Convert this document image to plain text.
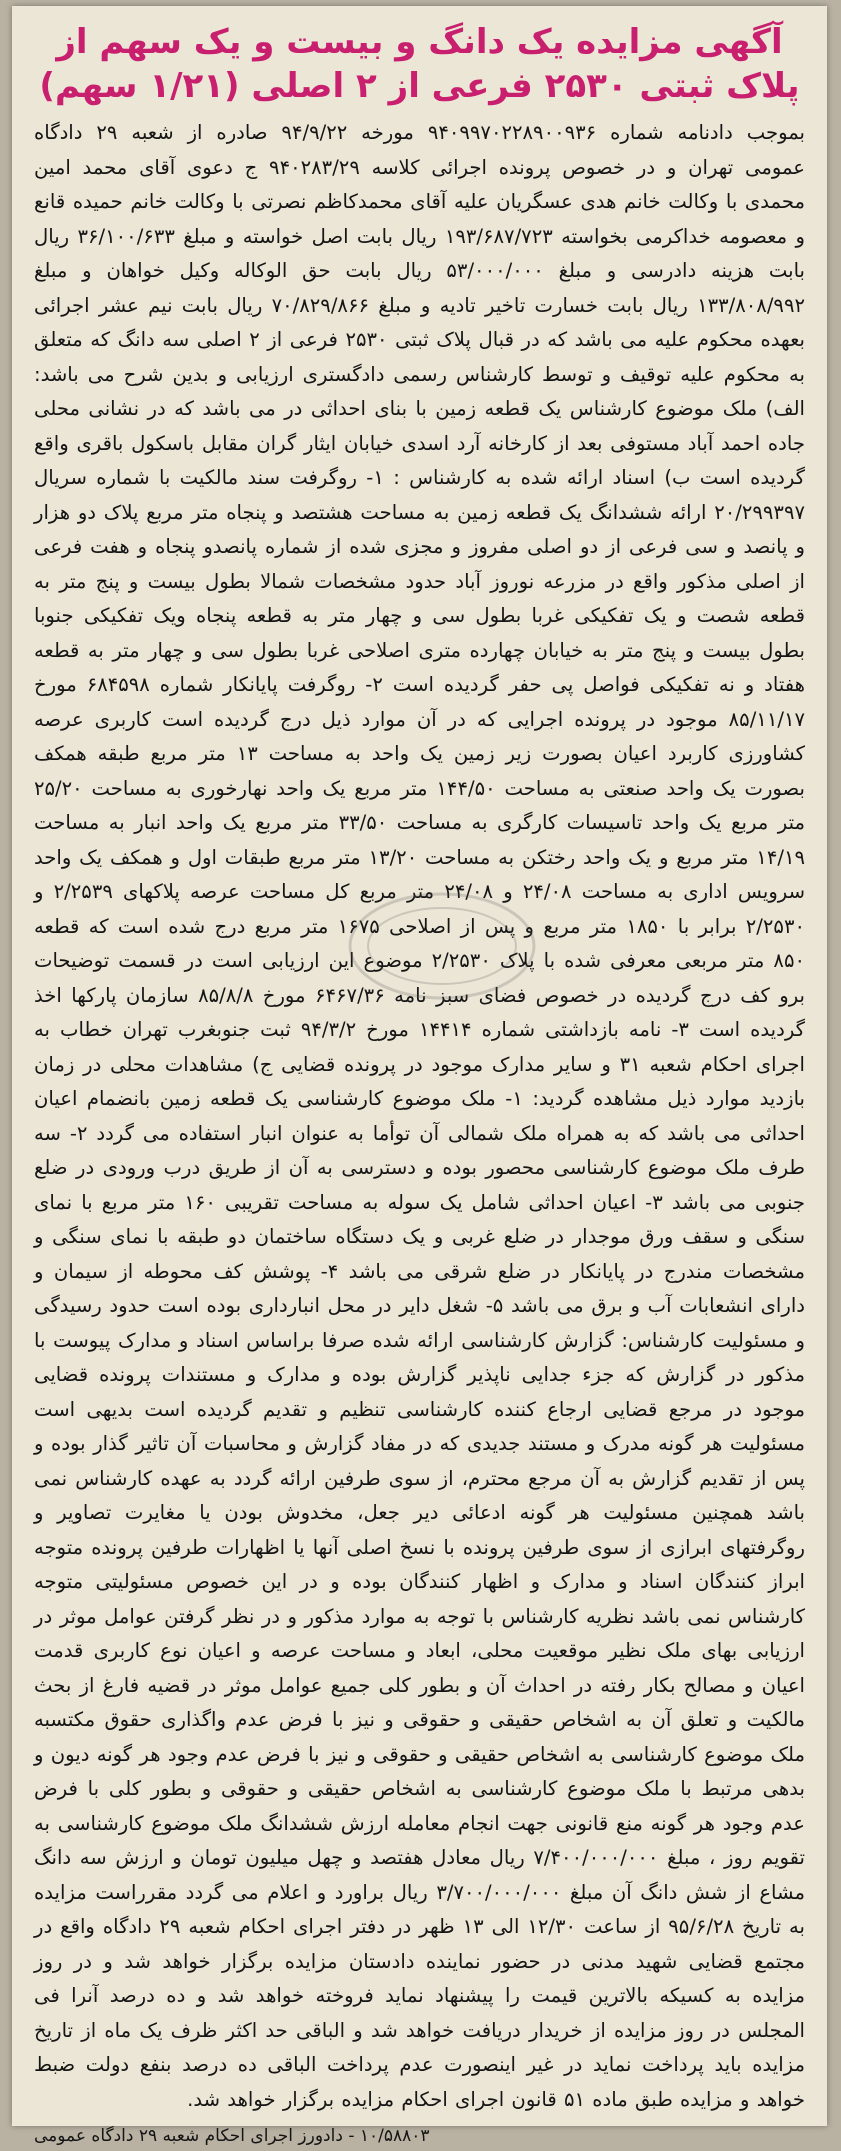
آگهی مزایده یک دانگ و بیست و یک سهم از پلاک ثبتی ۲۵۳۰ فرعی از ۲ اصلی (۱/۲۱ سهم)
بموجب دادنامه شماره ۹۴۰۹۹۷۰۲۲۸۹۰۰۹۳۶ مورخه ۹۴/۹/۲۲ صادره از شعبه ۲۹ دادگاه عمومی تهران و در خصوص پرونده اجرائی کلاسه ۹۴۰۲۸۳/۲۹ ج دعوی آقای محمد امین محمدی با وکالت خانم هدی عسگریان علیه آقای محمدکاظم نصرتی با وکالت خانم حمیده قانع و معصومه خداکرمی بخواسته ۱۹۳/۶۸۷/۷۲۳ ریال بابت اصل خواسته و مبلغ ۳۶/۱۰۰/۶۳۳ ریال بابت هزینه دادرسی و مبلغ ۵۳/۰۰۰/۰۰۰ ریال بابت حق الوکاله وکیل خواهان و مبلغ ۱۳۳/۸۰۸/۹۹۲ ریال بابت خسارت تاخیر تادیه و مبلغ ۷۰/۸۲۹/۸۶۶ ریال بابت نیم عشر اجرائی بعهده محکوم علیه می باشد که در قبال پلاک ثبتی ۲۵۳۰ فرعی از ۲ اصلی سه دانگ که متعلق به محکوم علیه توقیف و توسط کارشناس رسمی دادگستری ارزیابی و بدین شرح می باشد: الف) ملک موضوع کارشناس یک قطعه زمین با بنای احداثی در می باشد که در نشانی محلی جاده احمد آباد مستوفی بعد از کارخانه آرد اسدی خیابان ایثار گران مقابل باسکول باقری واقع گردیده است ب) اسناد ارائه شده به کارشناس : ۱- روگرفت سند مالکیت با شماره سریال ۲۰/۲۹۹۳۹۷ ارائه ششدانگ یک قطعه زمین به مساحت هشتصد و پنجاه متر مربع پلاک دو هزار و پانصد و سی فرعی از دو اصلی مفروز و مجزی شده از شماره پانصدو پنجاه و هفت فرعی از اصلی مذکور واقع در مزرعه نوروز آباد حدود مشخصات شمالا بطول بیست و پنج متر به قطعه شصت و یک تفکیکی غربا بطول سی و چهار متر به قطعه پنجاه ویک تفکیکی جنوبا بطول بیست و پنج متر به خیابان چهارده متری اصلاحی غربا بطول سی و چهار متر به قطعه هفتاد و نه تفکیکی فواصل پی حفر گردیده است ۲- روگرفت پایانکار شماره ۶۸۴۵۹۸ مورخ ۸۵/۱۱/۱۷ موجود در پرونده اجرایی که در آن موارد ذیل درج گردیده است کاربری عرصه کشاورزی کاربرد اعیان بصورت زیر زمین یک واحد به مساحت ۱۳ متر مربع طبقه همکف بصورت یک واحد صنعتی به مساحت ۱۴۴/۵۰ متر مربع یک واحد نهارخوری به مساحت ۲۵/۲۰ متر مربع یک واحد تاسیسات کارگری به مساحت ۳۳/۵۰ متر مربع یک واحد انبار به مساحت ۱۴/۱۹ متر مربع و یک واحد رختکن به مساحت ۱۳/۲۰ متر مربع طبقات اول و همکف یک واحد سرویس اداری به مساحت ۲۴/۰۸ و ۲۴/۰۸ متر مربع کل مساحت عرصه پلاکهای ۲/۲۵۳۹ و ۲/۲۵۳۰ برابر با ۱۸۵۰ متر مربع و پس از اصلاحی ۱۶۷۵ متر مربع درج شده است که قطعه ۸۵۰ متر مربعی معرفی شده با پلاک ۲/۲۵۳۰ موضوع این ارزیابی است در قسمت توضیحات برو کف درج گردیده در خصوص فضای سبز نامه ۶۴۶۷/۳۶ مورخ ۸۵/۸/۸ سازمان پارکها اخذ گردیده است ۳- نامه بازداشتی شماره ۱۴۴۱۴ مورخ ۹۴/۳/۲ ثبت جنوبغرب تهران خطاب به اجرای احکام شعبه ۳۱ و سایر مدارک موجود در پرونده قضایی ج) مشاهدات محلی در زمان بازدید موارد ذیل مشاهده گردید: ۱- ملک موضوع کارشناسی یک قطعه زمین بانضمام اعیان احداثی می باشد که به همراه ملک شمالی آن توأما به عنوان انبار استفاده می گردد ۲- سه طرف ملک موضوع کارشناسی محصور بوده و دسترسی به آن از طریق درب ورودی در ضلع جنوبی می باشد ۳- اعیان احداثی شامل یک سوله به مساحت تقریبی ۱۶۰ متر مربع با نمای سنگی و سقف ورق موجدار در ضلع غربی و یک دستگاه ساختمان دو طبقه با نمای سنگی و مشخصات مندرج در پایانکار در ضلع شرقی می باشد ۴- پوشش کف محوطه از سیمان و دارای انشعابات آب و برق می باشد ۵- شغل دایر در محل انبارداری بوده است حدود رسیدگی و مسئولیت کارشناس: گزارش کارشناسی ارائه شده صرفا براساس اسناد و مدارک پیوست با مذکور در گزارش که جزء جدایی ناپذیر گزارش بوده و مدارک و مستندات پرونده قضایی موجود در مرجع قضایی ارجاع کننده کارشناسی تنظیم و تقدیم گردیده است بدیهی است مسئولیت هر گونه مدرک و مستند جدیدی که در مفاد گزارش و محاسبات آن تاثیر گذار بوده و پس از تقدیم گزارش به آن مرجع محترم، از سوی طرفین ارائه گردد به عهده کارشناس نمی باشد همچنین مسئولیت هر گونه ادعائی دیر جعل، مخدوش بودن یا مغایرت تصاویر و روگرفتهای ابرازی از سوی طرفین پرونده با نسخ اصلی آنها یا اظهارات طرفین پرونده متوجه ابراز کنندگان اسناد و مدارک و اظهار کنندگان بوده و در این خصوص مسئولیتی متوجه کارشناس نمی باشد نظریه کارشناس با توجه به موارد مذکور و در نظر گرفتن عوامل موثر در ارزیابی بهای ملک نظیر موقعیت محلی، ابعاد و مساحت عرصه و اعیان نوع کاربری قدمت اعیان و مصالح بکار رفته در احداث آن و بطور کلی جمیع عوامل موثر در قضیه فارغ از بحث مالکیت و تعلق آن به اشخاص حقیقی و حقوقی و نیز با فرض عدم واگذاری حقوق مکتسبه ملک موضوع کارشناسی به اشخاص حقیقی و حقوقی و نیز با فرض عدم وجود هر گونه دیون و بدهی مرتبط با ملک موضوع کارشناسی به اشخاص حقیقی و حقوقی و بطور کلی با فرض عدم وجود هر گونه منع قانونی جهت انجام معامله ارزش ششدانگ ملک موضوع کارشناسی به تقویم روز ، مبلغ ۷/۴۰۰/۰۰۰/۰۰۰ ریال معادل هفتصد و چهل میلیون تومان و ارزش سه دانگ مشاع از شش دانگ آن مبلغ ۳/۷۰۰/۰۰۰/۰۰۰ ریال براورد و اعلام می گردد مقرراست مزایده به تاریخ ۹۵/۶/۲۸ از ساعت ۱۲/۳۰ الی ۱۳ ظهر در دفتر اجرای احکام شعبه ۲۹ دادگاه واقع در مجتمع قضایی شهید مدنی در حضور نماینده دادستان مزایده برگزار خواهد شد و در روز مزایده به کسیکه بالاترین قیمت را پیشنهاد نماید فروخته خواهد شد و ده درصد آنرا فی المجلس در روز مزایده از خریدار دریافت خواهد شد و الباقی حد اکثر ظرف یک ماه از تاریخ مزایده باید پرداخت نماید در غیر اینصورت عدم پرداخت الباقی ده درصد بنفع دولت ضبط خواهد و مزایده طبق ماده ۵۱ قانون اجرای احکام مزایده برگزار خواهد شد.
۱۰/۵۸۸۰۳ - دادورز اجرای احکام شعبه ۲۹ دادگاه عمومی
